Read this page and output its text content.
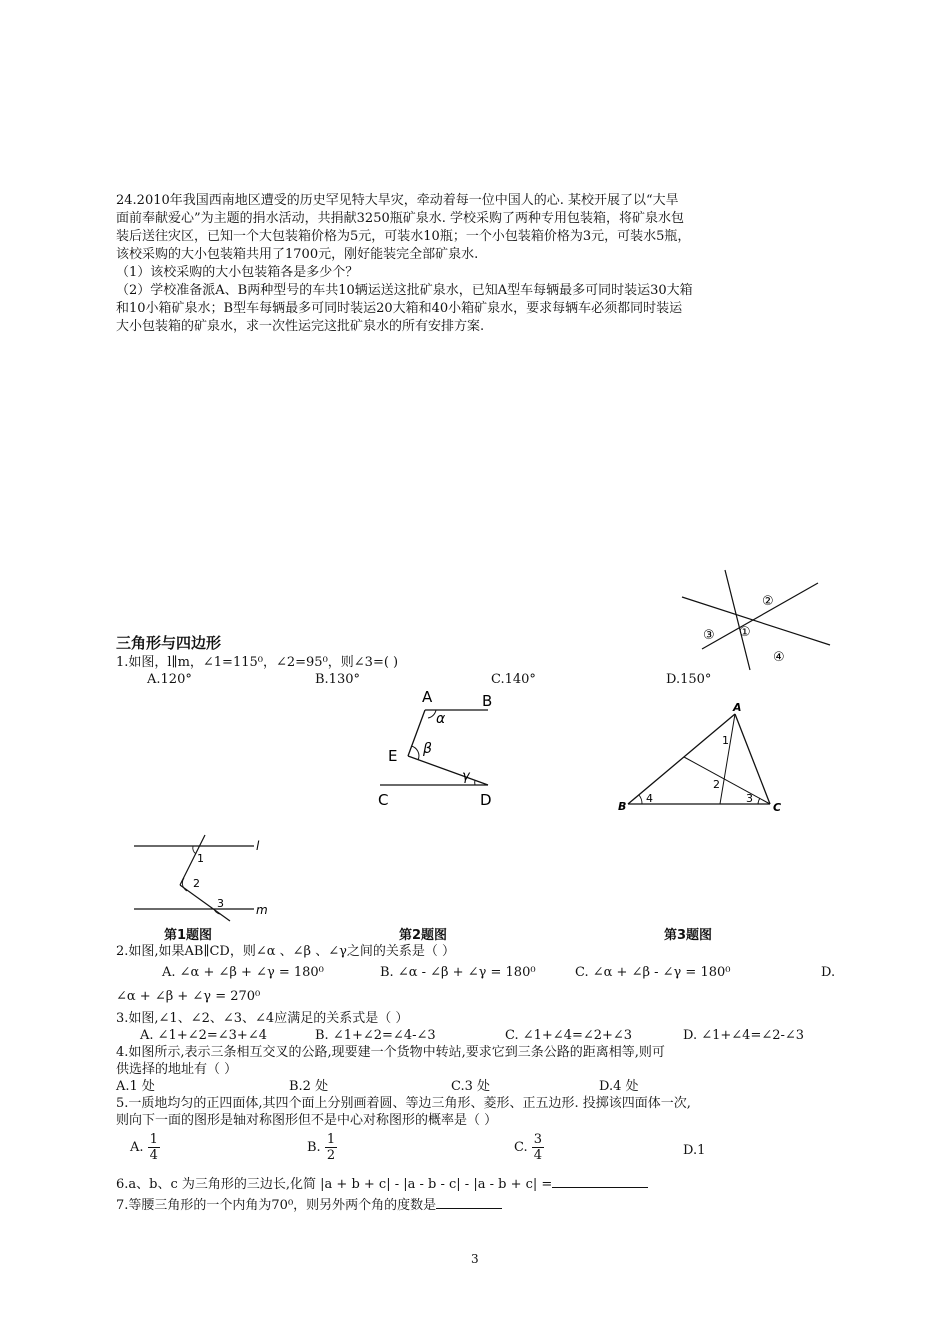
24.2010年我国西南地区遭受的历史罕见特大旱灾，牵动着每一位中国人的心. 某校开展了以“大旱
面前奉献爱心”为主题的捐水活动，共捐献3250瓶矿泉水. 学校采购了两种专用包装箱，将矿泉水包
装后送往灾区，已知一个大包装箱价格为5元，可装水10瓶；一个小包装箱价格为3元，可装水5瓶，
该校采购的大小包装箱共用了1700元，刚好能装完全部矿泉水.
（1）该校采购的大小包装箱各是多少个？
（2）学校准备派A、B两种型号的车共10辆运送这批矿泉水，已知A型车每辆最多可同时装运30大箱
和10小箱矿泉水；B型车每辆最多可同时装运20大箱和40小箱矿泉水，要求每辆车必须都同时装运
大小包装箱的矿泉水，求一次性运完这批矿泉水的所有安排方案.
②
①
③
④
三角形与四边形
1.如图，l∥m，∠1=115⁰，∠2=95⁰，则∠3=( )
A.120°	B.130°	C.140°	D.150°
A	B
α
E β
γ
C	D
A
1
2
B
4	3
C
l
1
2
3	m
第1题图	第2题图	第3题图
2.如图,如果AB∥CD，则∠α 、∠β 、∠γ之间的关系是（ ）
A. ∠α + ∠β + ∠γ = 180⁰	B. ∠α - ∠β + ∠γ = 180⁰	C. ∠α + ∠β - ∠γ = 180⁰	D.
∠α + ∠β + ∠γ = 270⁰
3.如图,∠1、∠2、∠3、∠4应满足的关系式是（ ）
A. ∠1+∠2=∠3+∠4	B. ∠1+∠2=∠4-∠3	C. ∠1+∠4=∠2+∠3	D. ∠1+∠4=∠2-∠3
4.如图所示,表示三条相互交叉的公路,现要建一个货物中转站,要求它到三条公路的距离相等,则可
供选择的地址有（ ）
A.1 处	B.2 处	C.3 处	D.4 处
5.一质地均匀的正四面体,其四个面上分别画着圆、等边三角形、菱形、正五边形. 投掷该四面体一次,
则向下一面的图形是轴对称图形但不是中心对称图形的概率是（ ）
A. $\frac{1}{4}$	B. $\frac{1}{2}$	C. $\frac{3}{4}$	D.1
6.a、b、c 为三角形的三边长,化简 |a + b + c| - |a - b - c| - |a - b + c| =
7.等腰三角形的一个内角为70⁰，则另外两个角的度数是
3
